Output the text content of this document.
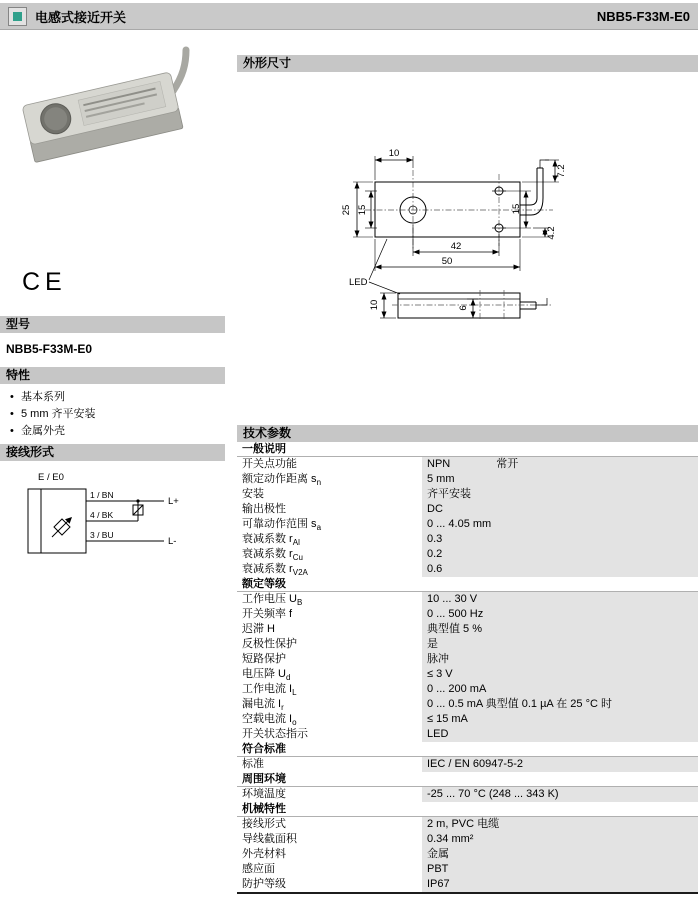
电感式接近开关	NBB5-F33M-E0
CE
型号
NBB5-F33M-E0
特性
• 基本系列
• 5 mm 齐平安装
• 金属外壳
接线形式
E / E0
1 / BN
L+
4 / BK
3 / BU
L-
外形尺寸
10
7.2
25 15	15
4.2
42
50
LED
10	6
技术参数
一般说明
开关点功能	NPN	常开
额定动作距离 $s_n$	5 mm
安装	齐平安装
输出极性	DC
可靠动作范围 $s_a$	0 ... 4.05 mm
衰减系数 $r_{Al}$	0.3
衰减系数 $r_{Cu}$	0.2
衰减系数 $r_{V2A}$	0.6
额定等级
工作电压 $U_B$	10 ... 30 V
开关频率 f	0 ... 500 Hz
迟滞 H	典型值 5 %
反极性保护	是
短路保护	脉冲
电压降 $U_d$	≤ 3 V
工作电流 $I_L$	0 ... 200 mA
漏电流 $I_r$	0 ... 0.5 mA 典型值 0.1 µA 在 25 °C 时
空载电流 $I_o$	≤ 15 mA
开关状态指示	LED
符合标准
标准	IEC / EN 60947-5-2
周围环境
环境温度	-25 ... 70 °C (248 ... 343 K)
机械特性
接线形式	2 m, PVC 电缆
导线截面积	0.34 mm²
外壳材料	金属
感应面	PBT
防护等级	IP67
